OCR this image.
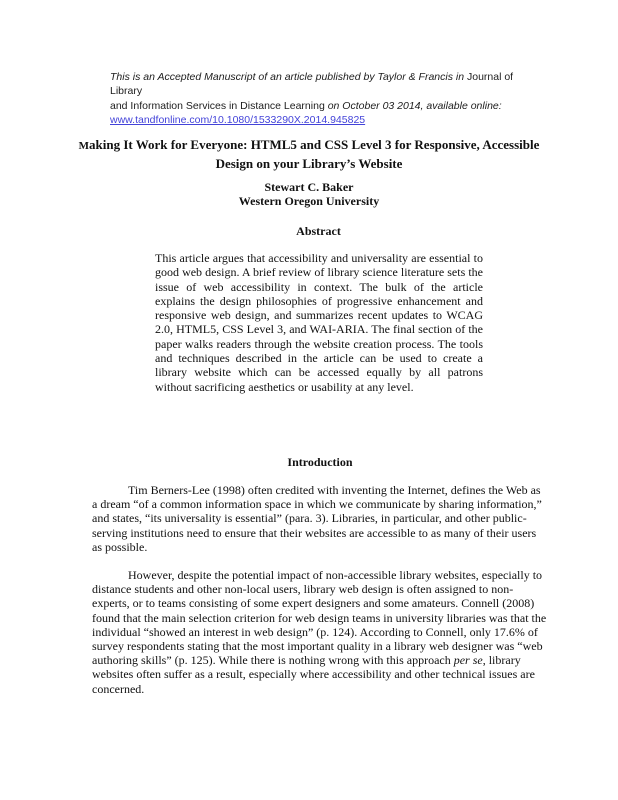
This is an Accepted Manuscript of an article published by Taylor & Francis in Journal of Library
and Information Services in Distance Learning on October 03 2014, available online:
www.tandfonline.com/10.1080/1533290X.2014.945825
Making It Work for Everyone: HTML5 and CSS Level 3 for Responsive, Accessible Design on your Library’s Website
Stewart C. Baker
Western Oregon University
Abstract
This article argues that accessibility and universality are essential to good web design. A brief review of library science literature sets the issue of web accessibility in context. The bulk of the article explains the design philosophies of progressive enhancement and responsive web design, and summarizes recent updates to WCAG 2.0, HTML5, CSS Level 3, and WAI-ARIA. The final section of the paper walks readers through the website creation process. The tools and techniques described in the article can be used to create a library website which can be accessed equally by all patrons without sacrificing aesthetics or usability at any level.
Introduction

Tim Berners-Lee (1998) often credited with inventing the Internet, defines the Web as a dream “of a common information space in which we communicate by sharing information,” and states, “its universality is essential” (para. 3). Libraries, in particular, and other public-serving institutions need to ensure that their websites are accessible to as many of their users as possible.

However, despite the potential impact of non-accessible library websites, especially to distance students and other non-local users, library web design is often assigned to non-experts, or to teams consisting of some expert designers and some amateurs. Connell (2008) found that the main selection criterion for web design teams in university libraries was that the individual “showed an interest in web design” (p. 124). According to Connell, only 17.6% of survey respondents stating that the most important quality in a library web designer was “web authoring skills” (p. 125). While there is nothing wrong with this approach per se, library websites often suffer as a result, especially where accessibility and other technical issues are concerned.
